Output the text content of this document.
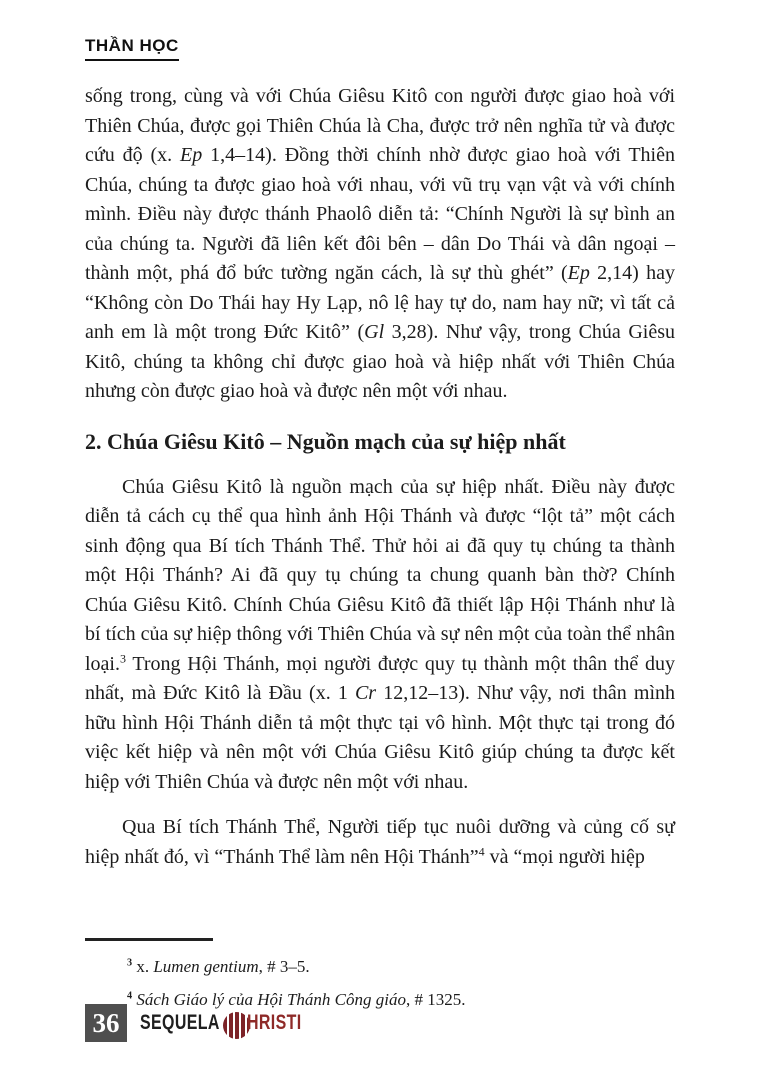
THẦN HỌC

sống trong, cùng và với Chúa Giêsu Kitô con người được giao hoà với Thiên Chúa, được gọi Thiên Chúa là Cha, được trở nên nghĩa tử và được cứu độ (x. Ep 1,4–14). Đồng thời chính nhờ được giao hoà với Thiên Chúa, chúng ta được giao hoà với nhau, với vũ trụ vạn vật và với chính mình. Điều này được thánh Phaolô diễn tả: “Chính Người là sự bình an của chúng ta. Người đã liên kết đôi bên – dân Do Thái và dân ngoại – thành một, phá đổ bức tường ngăn cách, là sự thù ghét” (Ep 2,14) hay “Không còn Do Thái hay Hy Lạp, nô lệ hay tự do, nam hay nữ; vì tất cả anh em là một trong Đức Kitô” (Gl 3,28). Như vậy, trong Chúa Giêsu Kitô, chúng ta không chỉ được giao hoà và hiệp nhất với Thiên Chúa nhưng còn được giao hoà và được nên một với nhau.

2. Chúa Giêsu Kitô – Nguồn mạch của sự hiệp nhất

Chúa Giêsu Kitô là nguồn mạch của sự hiệp nhất. Điều này được diễn tả cách cụ thể qua hình ảnh Hội Thánh và được “lột tả” một cách sinh động qua Bí tích Thánh Thể. Thử hỏi ai đã quy tụ chúng ta thành một Hội Thánh? Ai đã quy tụ chúng ta chung quanh bàn thờ? Chính Chúa Giêsu Kitô. Chính Chúa Giêsu Kitô đã thiết lập Hội Thánh như là bí tích của sự hiệp thông với Thiên Chúa và sự nên một của toàn thể nhân loại.$^3$ Trong Hội Thánh, mọi người được quy tụ thành một thân thể duy nhất, mà Đức Kitô là Đầu (x. 1 Cr 12,12–13). Như vậy, nơi thân mình hữu hình Hội Thánh diễn tả một thực tại vô hình. Một thực tại trong đó việc kết hiệp và nên một với Chúa Giêsu Kitô giúp chúng ta được kết hiệp với Thiên Chúa và được nên một với nhau.

Qua Bí tích Thánh Thể, Người tiếp tục nuôi dưỡng và củng cố sự hiệp nhất đó, vì “Thánh Thể làm nên Hội Thánh”$^4$ và “mọi người hiệp

$^3$ x. Lumen gentium, # 3–5.

$^4$ Sách Giáo lý của Hội Thánh Công giáo, # 1325.

36 SEQUELA HRISTI
